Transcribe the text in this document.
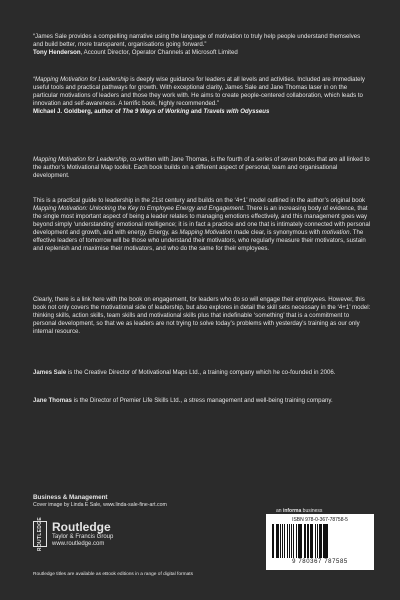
“James Sale provides a compelling narrative using the language of motivation to truly help people understand themselves and build better, more transparent, organisations going forward.”

Tony Henderson, Account Director, Operator Channels at Microsoft Limited

“Mapping Motivation for Leadership is deeply wise guidance for leaders at all levels and activities. Included are immediately useful tools and practical pathways for growth. With exceptional clarity, James Sale and Jane Thomas laser in on the particular motivations of leaders and those they work with. He aims to create people-centered collaboration, which leads to innovation and self-awareness. A terrific book, highly recommended.”

Michael J. Goldberg, author of The 9 Ways of Working and Travels with Odysseus

Mapping Motivation for Leadership, co-written with Jane Thomas, is the fourth of a series of seven books that are all linked to the author’s Motivational Map toolkit. Each book builds on a different aspect of personal, team and organisational development.

This is a practical guide to leadership in the 21st century and builds on the ‘4+1’ model outlined in the author’s original book Mapping Motivation: Unlocking the Key to Employee Energy and Engagement. There is an increasing body of evidence, that the single most important aspect of being a leader relates to managing emotions effectively, and this management goes way beyond simply ‘understanding’ emotional intelligence; it is in fact a practice and one that is intimately connected with personal development and growth, and with energy. Energy, as Mapping Motivation made clear, is synonymous with motivation. The effective leaders of tomorrow will be those who understand their motivators, who regularly measure their motivators, sustain and replenish and maximise their motivators, and who do the same for their employees.

Clearly, there is a link here with the book on engagement, for leaders who do so will engage their employees. However, this book not only covers the motivational side of leadership, but also explores in detail the skill sets necessary in the ‘4+1’ model: thinking skills, action skills, team skills and motivational skills plus that indefinable ‘something’ that is a commitment to personal development, so that we as leaders are not trying to solve today’s problems with yesterday’s training as our only internal resource.

James Sale is the Creative Director of Motivational Maps Ltd., a training company which he co-founded in 2006.

Jane Thomas is the Director of Premier Life Skills Ltd., a stress management and well-being training company.

Business & Management

Cover image by Linda E Sale, www.linda-sale-fine-art.com

ROUTLEDGE Routledge
Taylor & Francis Group
www.routledge.com
Routledge titles are available as eBook editions in a range of digital formats
an informa business
ISBN 978-0-367-78758-5
9 780367 787585
